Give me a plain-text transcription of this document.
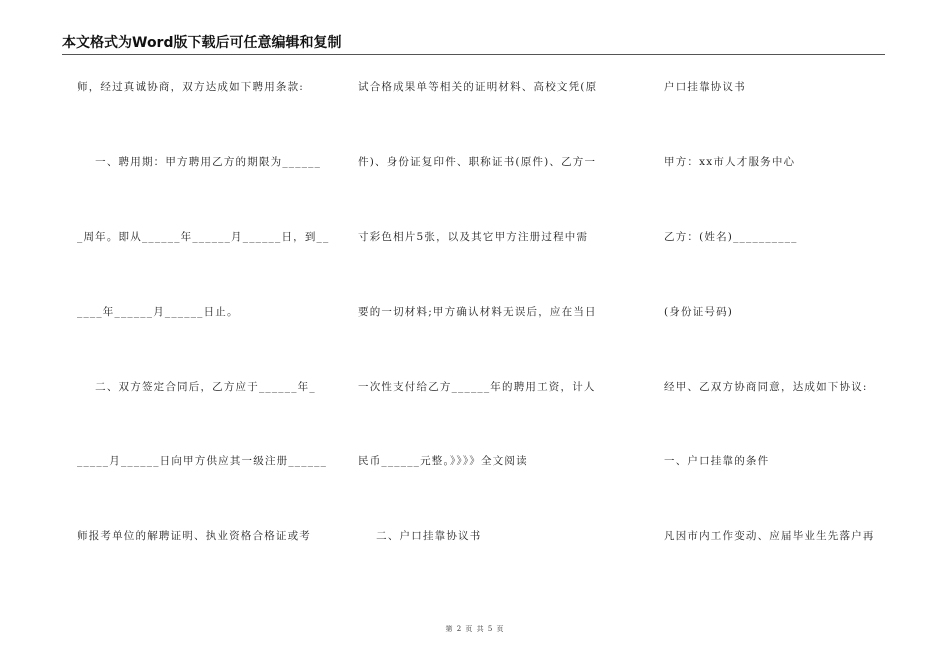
本文格式为Word版下载后可任意编辑和复制
师，经过真诚协商，双方达成如下聘用条款:
一、聘用期：甲方聘用乙方的期限为______
_周年。即从______年______月______日，到__
____年______月______日止。
二、双方签定合同后，乙方应于______年_
_____月______日向甲方供应其一级注册______
师报考单位的解聘证明、执业资格合格证或考
试合格成果单等相关的证明材料、高校文凭(原
件)、身份证复印件、职称证书(原件)、乙方一
寸彩色相片5张，以及其它甲方注册过程中需
要的一切材料;甲方确认材料无误后，应在当日
一次性支付给乙方______年的聘用工资，计人
民币______元整。》》》》全文阅读
二、户口挂靠协议书
户口挂靠协议书
甲方：xx市人才服务中心
乙方：(姓名)__________
(身份证号码)
经甲、乙双方协商同意，达成如下协议:
一、户口挂靠的条件
凡因市内工作变动、应届毕业生先落户再
第 2 页 共 5 页
